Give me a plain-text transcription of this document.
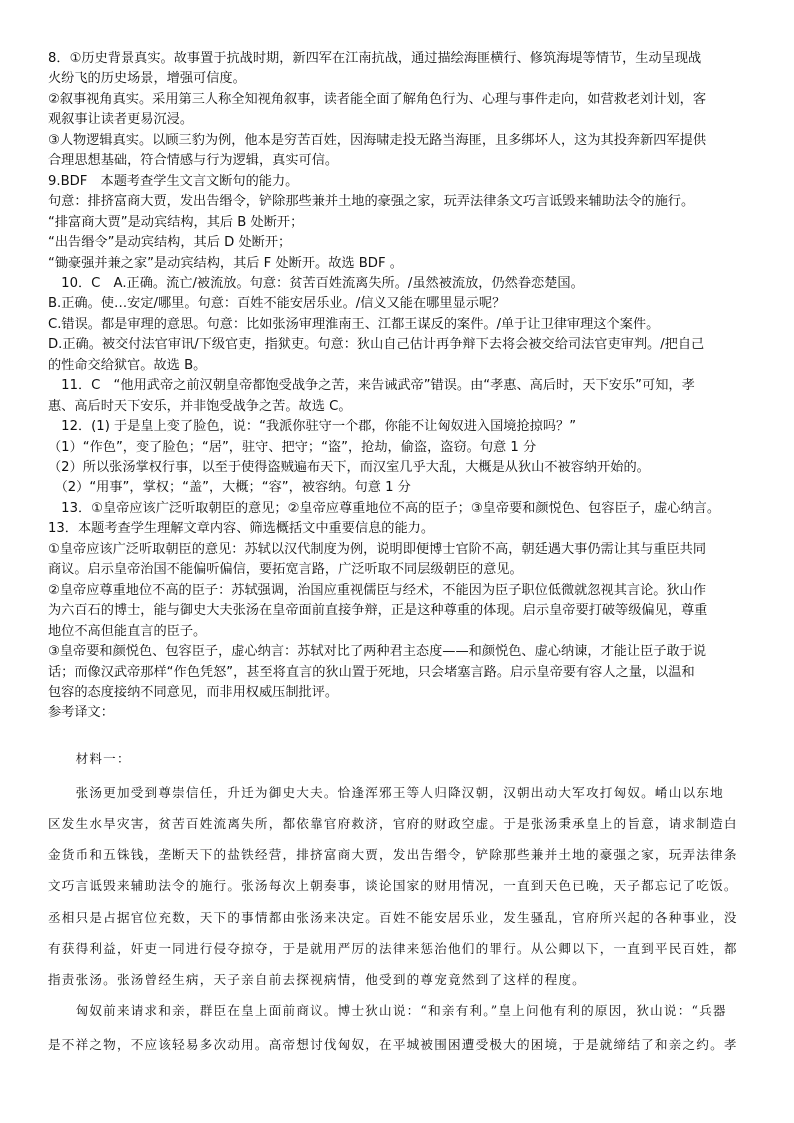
8．①历史背景真实。故事置于抗战时期，新四军在江南抗战，通过描绘海匪横行、修筑海堤等情节，生动呈现战
火纷飞的历史场景，增强可信度。
②叙事视角真实。采用第三人称全知视角叙事，读者能全面了解角色行为、心理与事件走向，如营救老刘计划，客
观叙事让读者更易沉浸。
③人物逻辑真实。以顾三豹为例，他本是穷苦百姓，因海啸走投无路当海匪，且多绑坏人，这为其投奔新四军提供
合理思想基础，符合情感与行为逻辑，真实可信。
9.BDF　本题考查学生文言文断句的能力。
句意：排挤富商大贾，发出告缗令，铲除那些兼并土地的豪强之家，玩弄法律条文巧言诋毁来辅助法令的施行。
“排富商大贾”是动宾结构，其后 B 处断开；
“出告缗令”是动宾结构，其后 D 处断开；
“锄豪强并兼之家”是动宾结构，其后 F 处断开。故选 BDF 。
　10．C　A.正确。流亡/被流放。句意：贫苦百姓流离失所。/虽然被流放，仍然眷恋楚国。
B.正确。使…安定/哪里。句意：百姓不能安居乐业。/信义又能在哪里显示呢？
C.错误。都是审理的意思。句意：比如张汤审理淮南王、江都王谋反的案件。/单于让卫律审理这个案件。
D.正确。被交付法官审讯/下级官吏，指狱吏。句意：狄山自己估计再争辩下去将会被交给司法官吏审判。/把自己
的性命交给狱官。故选 B。
　11．C　“他用武帝之前汉朝皇帝都饱受战争之苦，来告诫武帝”错误。由“孝惠、高后时，天下安乐”可知，孝
惠、高后时天下安乐，并非饱受战争之苦。故选 C。
　12．(1) 于是皇上变了脸色，说：“我派你驻守一个郡，你能不让匈奴进入国境抢掠吗？”
（1）“作色”，变了脸色；“居”，驻守、把守；“盗”，抢劫，偷盗，盗窃。句意 1 分
（2）所以张汤掌权行事，以至于使得盗贼遍布天下，而汉室几乎大乱，大概是从狄山不被容纳开始的。
　（2）“用事”，掌权；“盖”，大概；“容”，被容纳。句意 1 分
　13．①皇帝应该广泛听取朝臣的意见；②皇帝应尊重地位不高的臣子；③皇帝要和颜悦色、包容臣子，虚心纳言。
13．本题考查学生理解文章内容、筛选概括文中重要信息的能力。
①皇帝应该广泛听取朝臣的意见：苏轼以汉代制度为例，说明即便博士官阶不高，朝廷遇大事仍需让其与重臣共同
商议。启示皇帝治国不能偏听偏信，要拓宽言路，广泛听取不同层级朝臣的意见。
②皇帝应尊重地位不高的臣子：苏轼强调，治国应重视儒臣与经术，不能因为臣子职位低微就忽视其言论。狄山作
为六百石的博士，能与御史大夫张汤在皇帝面前直接争辩，正是这种尊重的体现。启示皇帝要打破等级偏见，尊重
地位不高但能直言的臣子。
③皇帝要和颜悦色、包容臣子，虚心纳言：苏轼对比了两种君主态度——和颜悦色、虚心纳谏，才能让臣子敢于说
话；而像汉武帝那样“作色凭怒”，甚至将直言的狄山置于死地，只会堵塞言路。启示皇帝要有容人之量，以温和
包容的态度接纳不同意见，而非用权威压制批评。
参考译文：
　　材料一：
　　张汤更加受到尊崇信任，升迁为御史大夫。恰逢浑邪王等人归降汉朝，汉朝出动大军攻打匈奴。崤山以东地
区发生水旱灾害，贫苦百姓流离失所，都依靠官府救济，官府的财政空虚。于是张汤秉承皇上的旨意，请求制造白
金货币和五铢钱，垄断天下的盐铁经营，排挤富商大贾，发出告缗令，铲除那些兼并土地的豪强之家，玩弄法律条
文巧言诋毁来辅助法令的施行。张汤每次上朝奏事，谈论国家的财用情况，一直到天色已晚，天子都忘记了吃饭。
丞相只是占据官位充数，天下的事情都由张汤来决定。百姓不能安居乐业，发生骚乱，官府所兴起的各种事业，没
有获得利益，奸吏一同进行侵夺掠夺，于是就用严厉的法律来惩治他们的罪行。从公卿以下，一直到平民百姓，都
指责张汤。张汤曾经生病，天子亲自前去探视病情，他受到的尊宠竟然到了这样的程度。
　　匈奴前来请求和亲，群臣在皇上面前商议。博士狄山说：“和亲有利。”皇上问他有利的原因，狄山说：“兵器
是不祥之物，不应该轻易多次动用。高帝想讨伐匈奴，在平城被围困遭受极大的困境，于是就缔结了和亲之约。孝
